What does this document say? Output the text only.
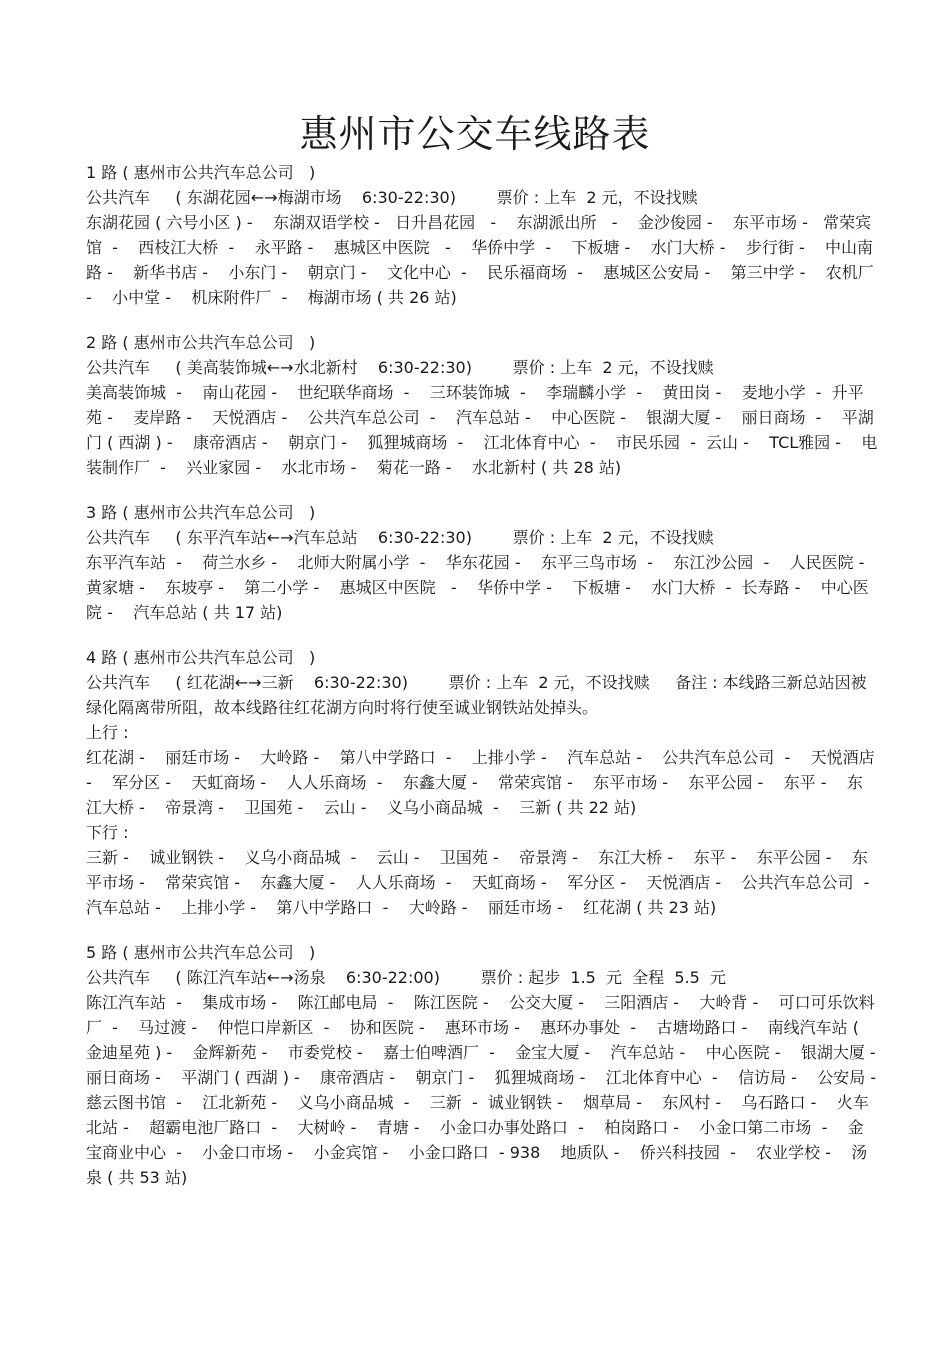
惠州市公交车线路表

1 路 ( 惠州市公共汽车总公司   )

公共汽车     ( 东湖花园←→梅湖市场    6:30-22:30)        票价 : 上车  2 元，不设找赎

东湖花园 ( 六号小区 ) -    东湖双语学校 -   日升昌花园   -    东湖派出所   -    金沙俊园 -    东平市场 -   常荣宾馆  -    西枝江大桥  -    永平路 -    惠城区中医院   -    华侨中学  -    下板塘 -    水门大桥 -    步行街 -    中山南路 -    新华书店 -    小东门 -    朝京门 -    文化中心  -    民乐福商场  -    惠城区公安局 -    第三中学 -    农机厂 -    小中堂 -    机床附件厂  -    梅湖市场 ( 共 26 站)

2 路 ( 惠州市公共汽车总公司   )

公共汽车     ( 美高装饰城←→水北新村    6:30-22:30)        票价 : 上车  2 元，不设找赎

美高装饰城  -    南山花园 -    世纪联华商场  -    三环装饰城  -    李瑞麟小学  -    黄田岗 -    麦地小学  -  升平苑 -    麦岸路 -    天悦酒店 -    公共汽车总公司  -    汽车总站 -    中心医院 -    银湖大厦 -    丽日商场  -    平湖门 ( 西湖 ) -    康帝酒店 -    朝京门 -    狐狸城商场  -    江北体育中心  -    市民乐园  -  云山 -    TCL雅园 -    电装制作厂  -    兴业家园 -    水北市场 -    菊花一路 -    水北新村 ( 共 28 站)

3 路 ( 惠州市公共汽车总公司   )

公共汽车     ( 东平汽车站←→汽车总站    6:30-22:30)        票价 : 上车  2 元，不设找赎

东平汽车站  -    荷兰水乡 -    北师大附属小学  -    华东花园 -    东平三鸟市场  -    东江沙公园  -    人民医院 -    黄家塘 -    东坡亭 -    第二小学 -    惠城区中医院   -    华侨中学 -    下板塘 -    水门大桥  -  长寿路 -    中心医院 -    汽车总站 ( 共 17 站)

4 路 ( 惠州市公共汽车总公司   )

公共汽车     ( 红花湖←→三新    6:30-22:30)        票价 : 上车  2 元，不设找赎     备注 : 本线路三新总站因被绿化隔离带所阻，故本线路往红花湖方向时将行使至诚业钢铁站处掉头。

上行 :

红花湖 -    丽廷市场 -    大岭路 -    第八中学路口  -    上排小学 -    汽车总站 -    公共汽车总公司  -    天悦酒店 -    军分区 -    天虹商场 -    人人乐商场  -    东鑫大厦 -    常荣宾馆 -    东平市场 -    东平公园 -    东平 -    东江大桥 -    帝景湾 -    卫国苑 -    云山 -    义乌小商品城  -    三新 ( 共 22 站)

下行 :

三新 -    诚业钢铁 -    义乌小商品城  -    云山 -    卫国苑 -    帝景湾 -    东江大桥 -    东平 -    东平公园 -    东平市场 -    常荣宾馆 -    东鑫大厦 -    人人乐商场  -    天虹商场 -    军分区 -    天悦酒店 -    公共汽车总公司  -    汽车总站 -    上排小学 -    第八中学路口  -    大岭路 -    丽廷市场 -    红花湖 ( 共 23 站)

5 路 ( 惠州市公共汽车总公司   )

公共汽车     ( 陈江汽车站←→汤泉    6:30-22:00)        票价 : 起步  1.5  元  全程  5.5  元

陈江汽车站  -    集成市场 -    陈江邮电局  -    陈江医院 -    公交大厦 -    三阳酒店 -    大岭背 -    可口可乐饮料厂  -    马过渡 -    仲恺口岸新区  -    协和医院 -    惠环市场 -    惠环办事处  -    古塘坳路口 -    南线汽车站 ( 金迪星苑 ) -    金辉新苑 -    市委党校 -    嘉士伯啤酒厂  -    金宝大厦 -    汽车总站 -    中心医院 -    银湖大厦 -    丽日商场 -    平湖门 ( 西湖 ) -    康帝酒店 -    朝京门 -    狐狸城商场 -    江北体育中心  -    信访局 -    公安局 -    慈云图书馆  -    江北新苑 -    义乌小商品城  -    三新  -  诚业钢铁 -    烟草局 -    东风村 -    乌石路口 -    火车北站 -    超霸电池厂路口  -    大树岭 -    青塘 -    小金口办事处路口  -    柏岗路口 -    小金口第二市场  -    金宝商业中心  -    小金口市场 -    小金宾馆 -    小金口路口  - 938    地质队 -    侨兴科技园  -    农业学校 -    汤泉 ( 共 53 站)
